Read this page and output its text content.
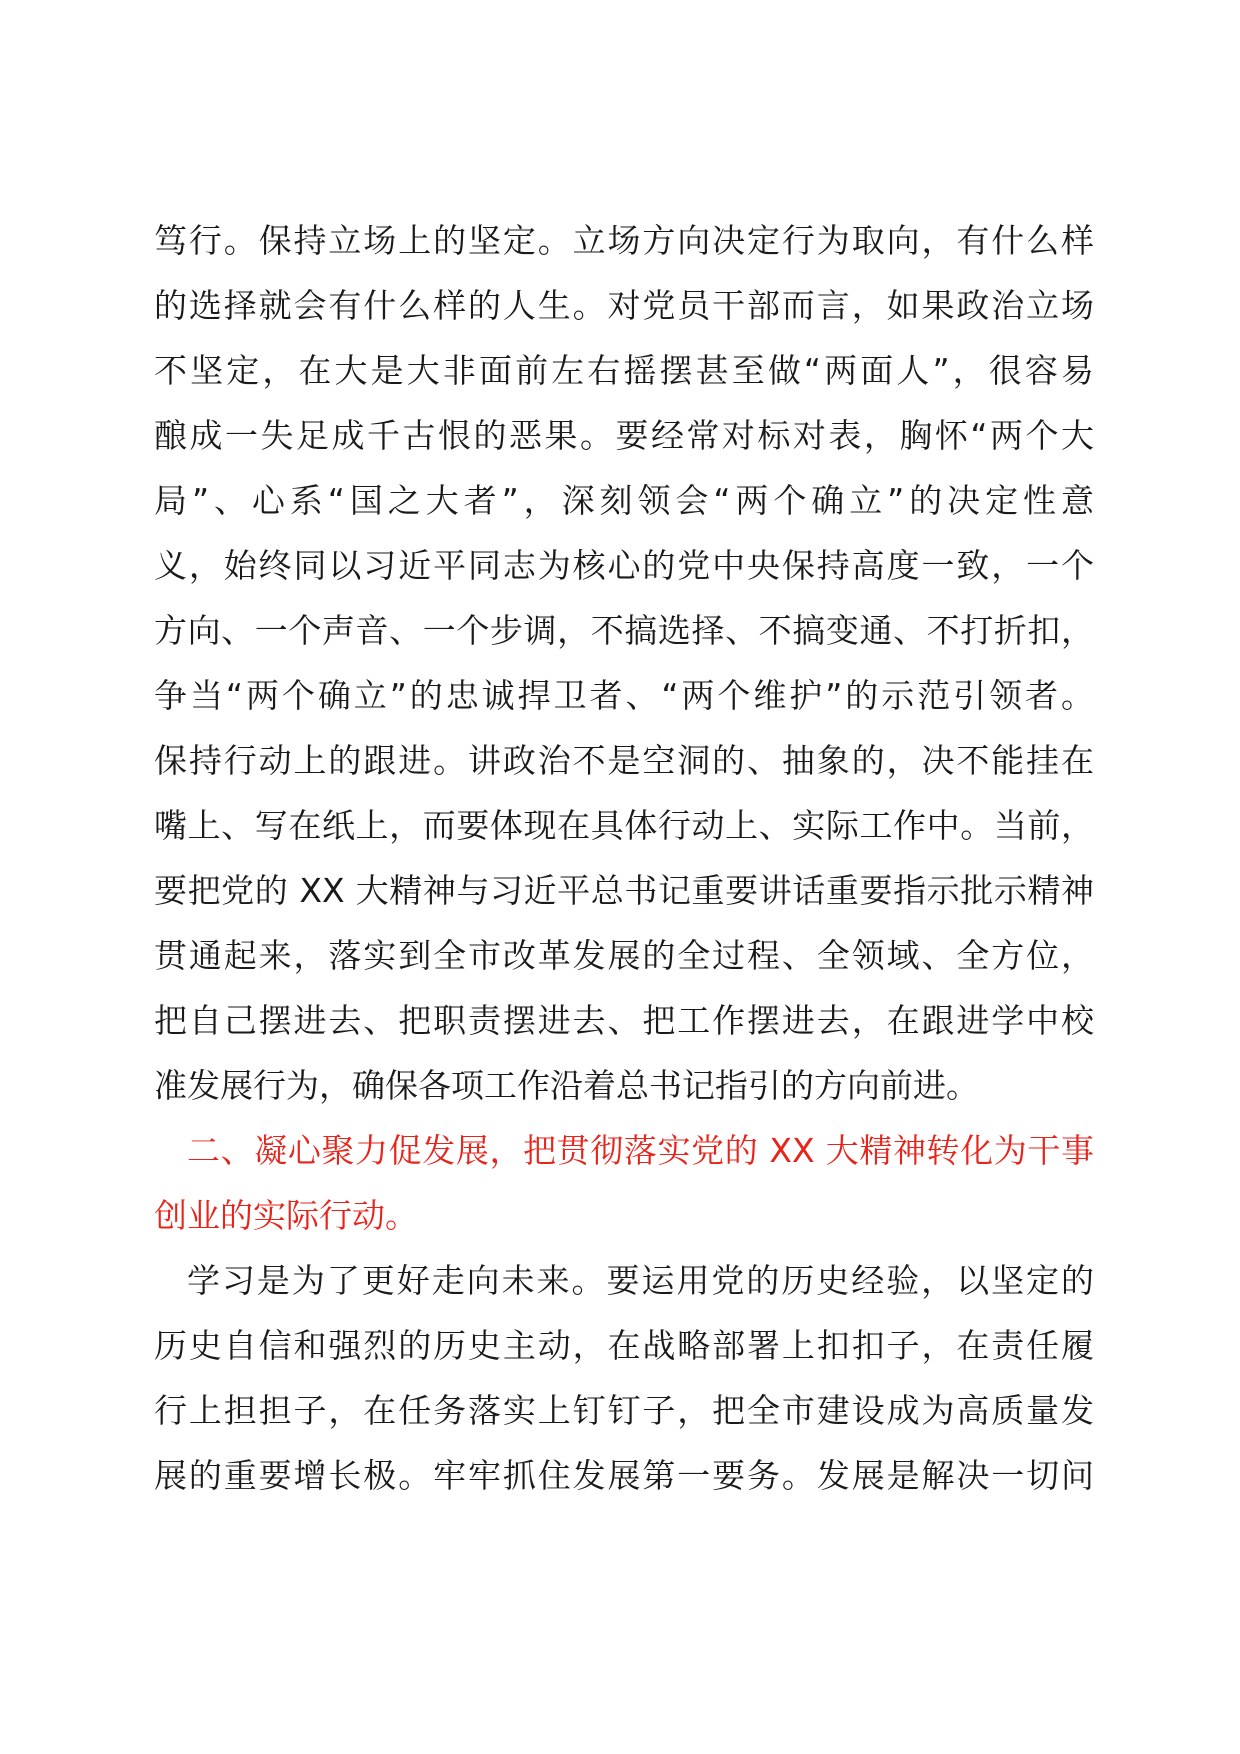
笃行。保持立场上的坚定。立场方向决定行为取向，有什么样
的选择就会有什么样的人生。对党员干部而言，如果政治立场
不坚定，在大是大非面前左右摇摆甚至做“两面人”，很容易
酿成一失足成千古恨的恶果。要经常对标对表，胸怀“两个大
局”、心系“国之大者”，深刻领会“两个确立”的决定性意
义，始终同以习近平同志为核心的党中央保持高度一致，一个
方向、一个声音、一个步调，不搞选择、不搞变通、不打折扣，
争当“两个确立”的忠诚捍卫者、“两个维护”的示范引领者。
保持行动上的跟进。讲政治不是空洞的、抽象的，决不能挂在
嘴上、写在纸上，而要体现在具体行动上、实际工作中。当前，
要把党的 XX 大精神与习近平总书记重要讲话重要指示批示精神
贯通起来，落实到全市改革发展的全过程、全领域、全方位，
把自己摆进去、把职责摆进去、把工作摆进去，在跟进学中校
准发展行为，确保各项工作沿着总书记指引的方向前进。
二、凝心聚力促发展，把贯彻落实党的 XX 大精神转化为干事
创业的实际行动。
学习是为了更好走向未来。要运用党的历史经验，以坚定的
历史自信和强烈的历史主动，在战略部署上扣扣子，在责任履
行上担担子，在任务落实上钉钉子，把全市建设成为高质量发
展的重要增长极。牢牢抓住发展第一要务。发展是解决一切问
